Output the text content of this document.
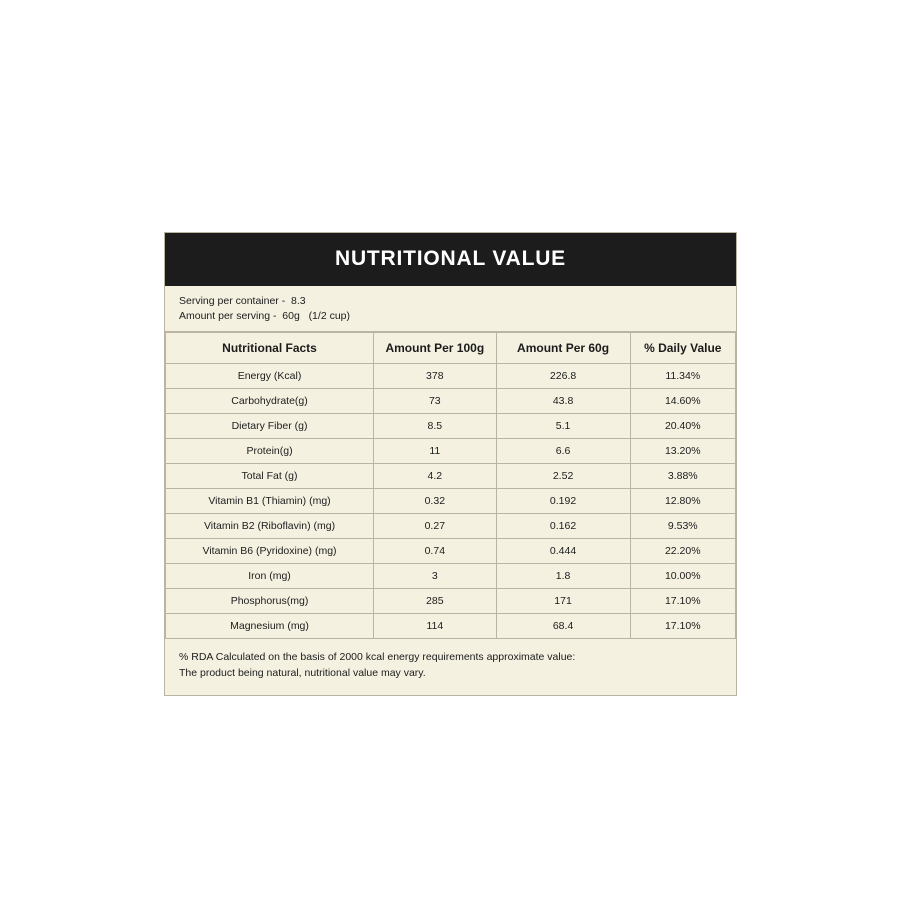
NUTRITIONAL VALUE
Serving per container -  8.3
Amount per serving -  60g   (1/2 cup)
Nutritional Facts	Amount Per 100g	Amount Per 60g	% Daily Value
Energy (Kcal)	378	226.8	11.34%
Carbohydrate(g)	73	43.8	14.60%
Dietary Fiber (g)	8.5	5.1	20.40%
Protein(g)	11	6.6	13.20%
Total Fat (g)	4.2	2.52	3.88%
Vitamin B1 (Thiamin) (mg)	0.32	0.192	12.80%
Vitamin B2 (Riboflavin) (mg)	0.27	0.162	9.53%
Vitamin B6 (Pyridoxine) (mg)	0.74	0.444	22.20%
Iron (mg)	3	1.8	10.00%
Phosphorus(mg)	285	171	17.10%
Magnesium (mg)	114	68.4	17.10%
% RDA Calculated on the basis of 2000 kcal energy requirements approximate value:
The product being natural, nutritional value may vary.
